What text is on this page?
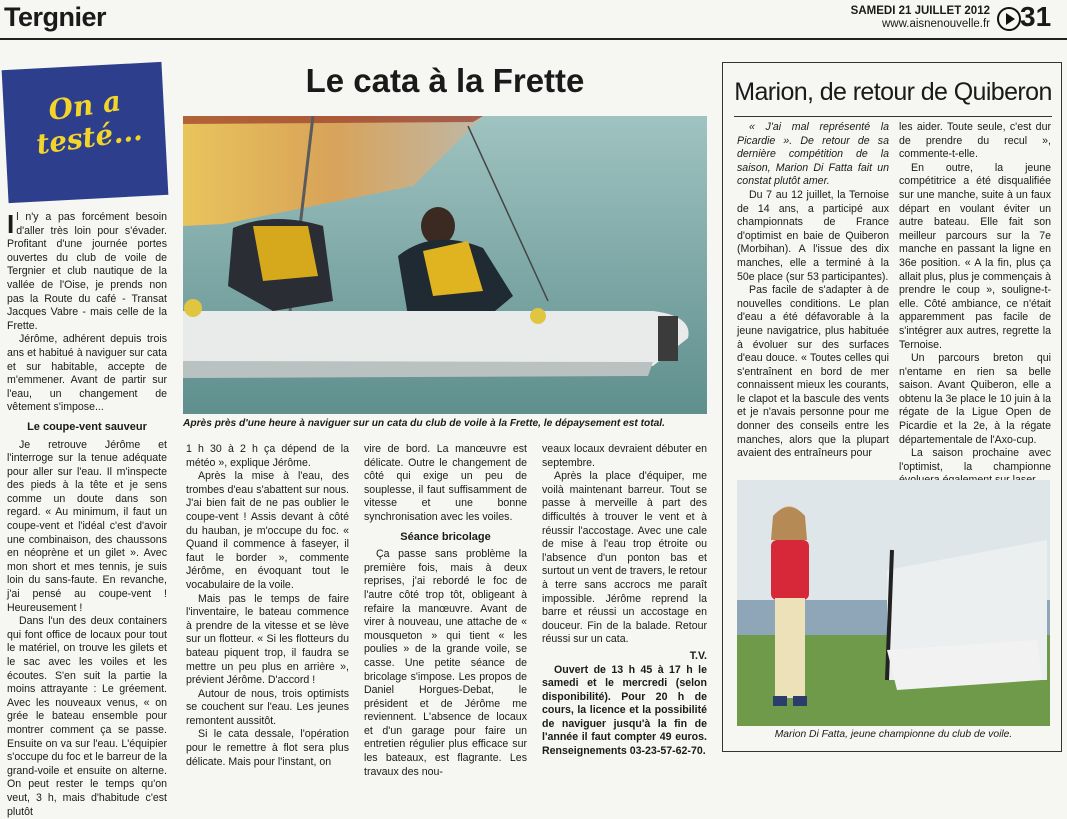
Tergnier	SAMEDI 21 JUILLET 2012
www.aisnenouvelle.fr 31
On a testé...
Le cata à la Frette
Après près d'une heure à naviguer sur un cata du club de voile à la Frette, le dépaysement est total.

Il n'y a pas forcément besoin d'aller très loin pour s'évader. Profitant d'une journée portes ouvertes du club de voile de Tergnier et club nautique de la vallée de l'Oise, je prends non pas la Route du café - Transat Jacques Vabre - mais celle de la Frette.

Jérôme, adhérent depuis trois ans et habitué à naviguer sur cata et sur habitable, accepte de m'emmener. Avant de partir sur l'eau, un changement de vêtement s'impose...

Le coupe-vent sauveur

Je retrouve Jérôme et l'interroge sur la tenue adéquate pour aller sur l'eau. Il m'inspecte des pieds à la tête et je sens comme un doute dans son regard. « Au minimum, il faut un coupe-vent et l'idéal c'est d'avoir une combinaison, des chaussons en néoprène et un gilet ». Avec mon short et mes tennis, je suis loin du sans-faute. En revanche, j'ai pensé au coupe-vent ! Heureusement !

Dans l'un des deux containers qui font office de locaux pour tout le matériel, on trouve les gilets et le sac avec les voiles et les écoutes. S'en suit la partie la moins attrayante : Le gréement. Avec les nouveaux venus, « on grée le bateau ensemble pour montrer comment ça se passe. Ensuite on va sur l'eau. L'équipier s'occupe du foc et le barreur de la grand-voile et ensuite on alterne. On peut rester le temps qu'on veut, 3 h, mais d'habitude c'est plutôt

1 h 30 à 2 h ça dépend de la météo », explique Jérôme.

Après la mise à l'eau, des trombes d'eau s'abattent sur nous. J'ai bien fait de ne pas oublier le coupe-vent ! Assis devant à côté du hauban, je m'occupe du foc. « Quand il commence à faseyer, il faut le border », commente Jérôme, en évoquant tout le vocabulaire de la voile.

Mais pas le temps de faire l'inventaire, le bateau commence à prendre de la vitesse et se lève sur un flotteur. « Si les flotteurs du bateau piquent trop, il faudra se mettre un peu plus en arrière », prévient Jérôme. D'accord !

Autour de nous, trois optimists se couchent sur l'eau. Les jeunes remontent aussitôt.

Si le cata dessale, l'opération pour le remettre à flot sera plus délicate. Mais pour l'instant, on

vire de bord. La manœuvre est délicate. Outre le changement de côté qui exige un peu de souplesse, il faut suffisamment de vitesse et une bonne synchronisation avec les voiles.

Séance bricolage

Ça passe sans problème la première fois, mais à deux reprises, j'ai rebordé le foc de l'autre côté trop tôt, obligeant à refaire la manœuvre. Avant de virer à nouveau, une attache de « mousqueton » qui tient « les poulies » de la grande voile, se casse. Une petite séance de bricolage s'impose. Les propos de Daniel Horgues-Debat, le président et de Jérôme me reviennent. L'absence de locaux et d'un garage pour faire un entretien régulier plus efficace sur les bateaux, est flagrante. Les travaux des nou-

veaux locaux devraient débuter en septembre.

Après la place d'équiper, me voilà maintenant barreur. Tout se passe à merveille à part des difficultés à trouver le vent et à réussir l'accostage. Avec une cale de mise à l'eau trop étroite ou l'absence d'un ponton bas et surtout un vent de travers, le retour à terre sans accrocs me paraît impossible. Jérôme reprend la barre et réussi un accostage en douceur. Fin de la balade. Retour réussi sur un cata.

T.V.

Ouvert de 13 h 45 à 17 h le samedi et le mercredi (selon disponibilité). Pour 20 h de cours, la licence et la possibilité de naviguer jusqu'à la fin de l'année il faut compter 49 euros. Renseignements 03-23-57-62-70.

Marion, de retour de Quiberon

« J'ai mal représenté la Picardie ». De retour de sa dernière compétition de la saison, Marion Di Fatta fait un constat plutôt amer.

Du 7 au 12 juillet, la Ternoise de 14 ans, a participé aux championnats de France d'optimist en baie de Quiberon (Morbihan). A l'issue des dix manches, elle a terminé à la 50e place (sur 53 participantes).

Pas facile de s'adapter à de nouvelles conditions. Le plan d'eau a été défavorable à la jeune navigatrice, plus habituée à évoluer sur des surfaces d'eau douce. « Toutes celles qui s'entraînent en bord de mer connaissent mieux les courants, le clapot et la bascule des vents et je n'avais personne pour me donner des conseils entre les manches, alors que la plupart avaient des entraîneurs pour

les aider. Toute seule, c'est dur de prendre du recul », commente-t-elle.

En outre, la jeune compétitrice a été disqualifiée sur une manche, suite à un faux départ en voulant éviter un autre bateau. Elle fait son meilleur parcours sur la 7e manche en passant la ligne en 36e position. « A la fin, plus ça allait plus, plus je commençais à prendre le coup », souligne-t-elle. Côté ambiance, ce n'était apparemment pas facile de s'intégrer aux autres, regrette la Ternoise.

Un parcours breton qui n'entame en rien sa belle saison. Avant Quiberon, elle a obtenu la 3e place le 10 juin à la régate de la Ligue Open de Picardie et la 2e, à la régate départementale de l'Axo-cup.

La saison prochaine avec l'optimist, la championne

Marion Di Fatta, jeune championne du club de voile.
